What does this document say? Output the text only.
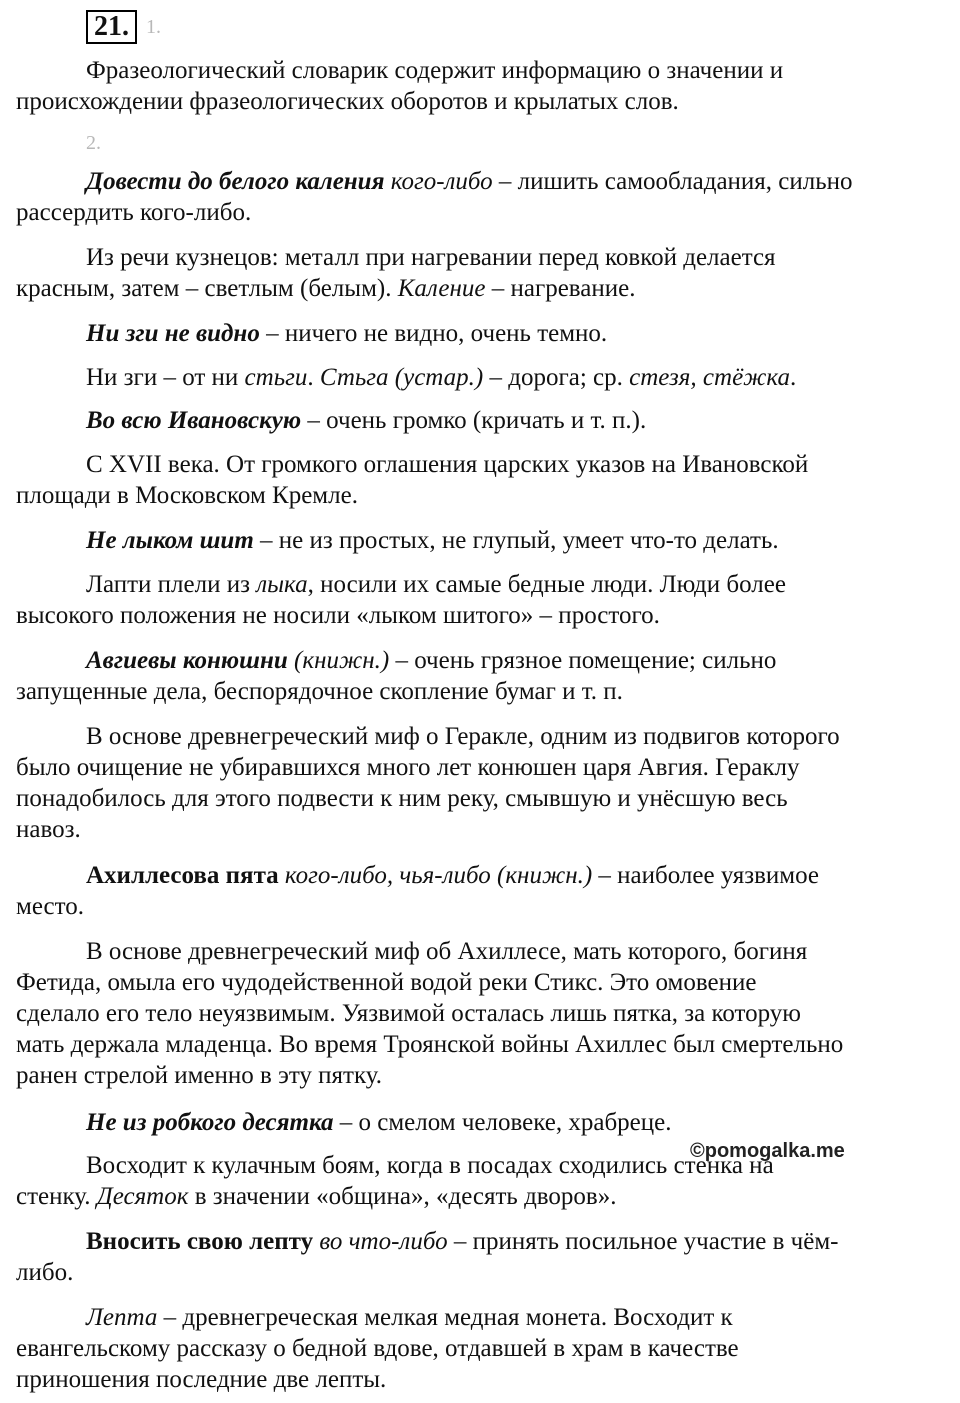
21. 1.

Фразеологический словарик содержит информацию о значении и
происхождении фразеологических оборотов и крылатых слов.

2.

Довести до белого каления кого-либо – лишить самообладания, сильно
рассердить кого-либо.

Из речи кузнецов: металл при нагревании перед ковкой делается
красным, затем – светлым (белым). Каление – нагревание.

Ни зги не видно – ничего не видно, очень темно.

Ни зги – от ни стьги. Стьга (устар.) – дорога; ср. стезя, стёжка.

Во всю Ивановскую – очень громко (кричать и т. п.).

С XVII века. От громкого оглашения царских указов на Ивановской
площади в Московском Кремле.

Не лыком шит – не из простых, не глупый, умеет что-то делать.

Лапти плели из лыка, носили их самые бедные люди. Люди более
высокого положения не носили «лыком шитого» – простого.

Авгиевы конюшни (книжн.) – очень грязное помещение; сильно
запущенные дела, беспорядочное скопление бумаг и т. п.

В основе древнегреческий миф о Геракле, одним из подвигов которого
было очищение не убиравшихся много лет конюшен царя Авгия. Гераклу
понадобилось для этого подвести к ним реку, смывшую и унёсшую весь
навоз.

Ахиллесова пята кого-либо, чья-либо (книжн.) – наиболее уязвимое
место.

В основе древнегреческий миф об Ахиллесе, мать которого, богиня
Фетида, омыла его чудодейственной водой реки Стикс. Это омовение
сделало его тело неуязвимым. Уязвимой осталась лишь пятка, за которую
мать держала младенца. Во время Троянской войны Ахиллес был смертельно
ранен стрелой именно в эту пятку.

Не из робкого десятка – о смелом человеке, храбреце.

Восходит к кулачным боям, когда в посадах сходились стенка на
стенку. Десяток в значении «община», «десять дворов».

Вносить свою лепту во что-либо – принять посильное участие в чём-
либо.

Лепта – древнегреческая мелкая медная монета. Восходит к
евангельскому рассказу о бедной вдове, отдавшей в храм в качестве
приношения последние две лепты.

©pomogalka.me
